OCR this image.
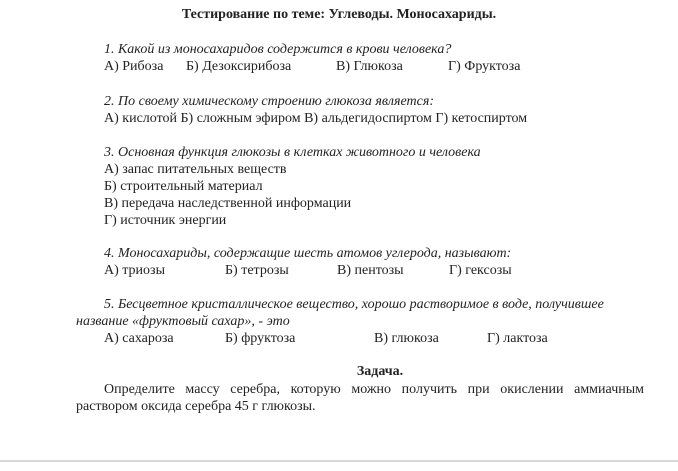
Тестирование по теме: Углеводы. Моносахариды.
1. Какой из моносахаридов содержится в крови человека?
А) Рибоза Б) Дезоксирибоза	В) Глюкоза	Г) Фруктоза
2. По своему химическому строению глюкоза является:
А) кислотой Б) сложным эфиром В) альдегидоспиртом Г) кетоспиртом
3. Основная функция глюкозы в клетках животного и человека
А) запас питательных веществ
Б) строительный материал
В) передача наследственной информации
Г) источник энергии
4. Моносахариды, содержащие шесть атомов углерода, называют:
А) триозы	Б) тетрозы	В) пентозы	Г) гексозы
5. Бесцветное кристаллическое вещество, хорошо растворимое в воде, получившее
название «фруктовый сахар», - это
А) сахароза	Б) фруктоза	В) глюкоза	Г) лактоза
Задача.
Определите массу серебра, которую можно получить при окислении аммиачным раствором оксида серебра 45 г глюкозы.
